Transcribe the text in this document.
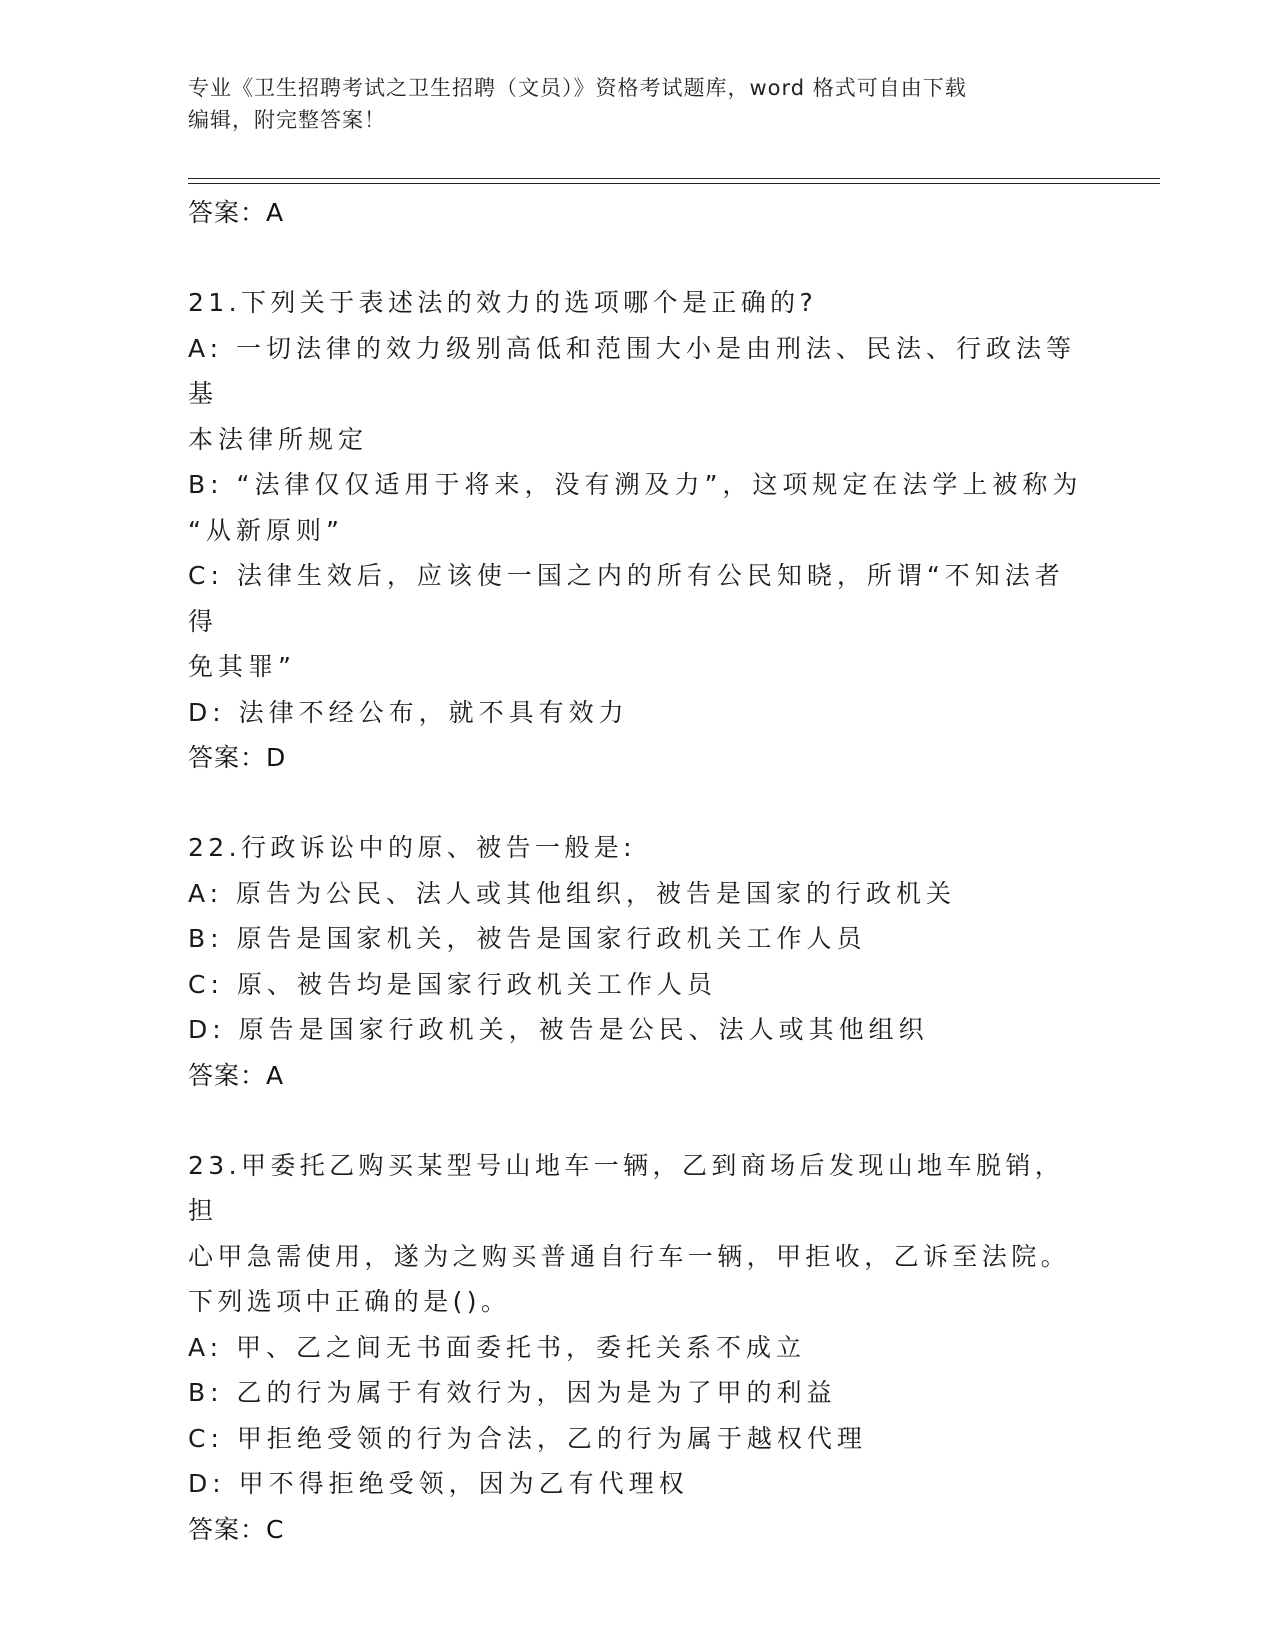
专业《卫生招聘考试之卫生招聘（文员）》资格考试题库，word 格式可自由下载
编辑，附完整答案！
答案：A

21.下列关于表述法的效力的选项哪个是正确的?

A: 一切法律的效力级别高低和范围大小是由刑法、民法、行政法等基

本法律所规定

B: “法律仅仅适用于将来，没有溯及力”，这项规定在法学上被称为

“从新原则”

C: 法律生效后，应该使一国之内的所有公民知晓，所谓“不知法者得

免其罪”

D: 法律不经公布，就不具有效力

答案：D

22.行政诉讼中的原、被告一般是:

A: 原告为公民、法人或其他组织，被告是国家的行政机关

B: 原告是国家机关，被告是国家行政机关工作人员

C: 原、被告均是国家行政机关工作人员

D: 原告是国家行政机关，被告是公民、法人或其他组织

答案：A

23.甲委托乙购买某型号山地车一辆，乙到商场后发现山地车脱销，担

心甲急需使用，遂为之购买普通自行车一辆，甲拒收，乙诉至法院。

下列选项中正确的是()。

A: 甲、乙之间无书面委托书，委托关系不成立

B: 乙的行为属于有效行为，因为是为了甲的利益

C: 甲拒绝受领的行为合法，乙的行为属于越权代理

D: 甲不得拒绝受领，因为乙有代理权

答案：C
